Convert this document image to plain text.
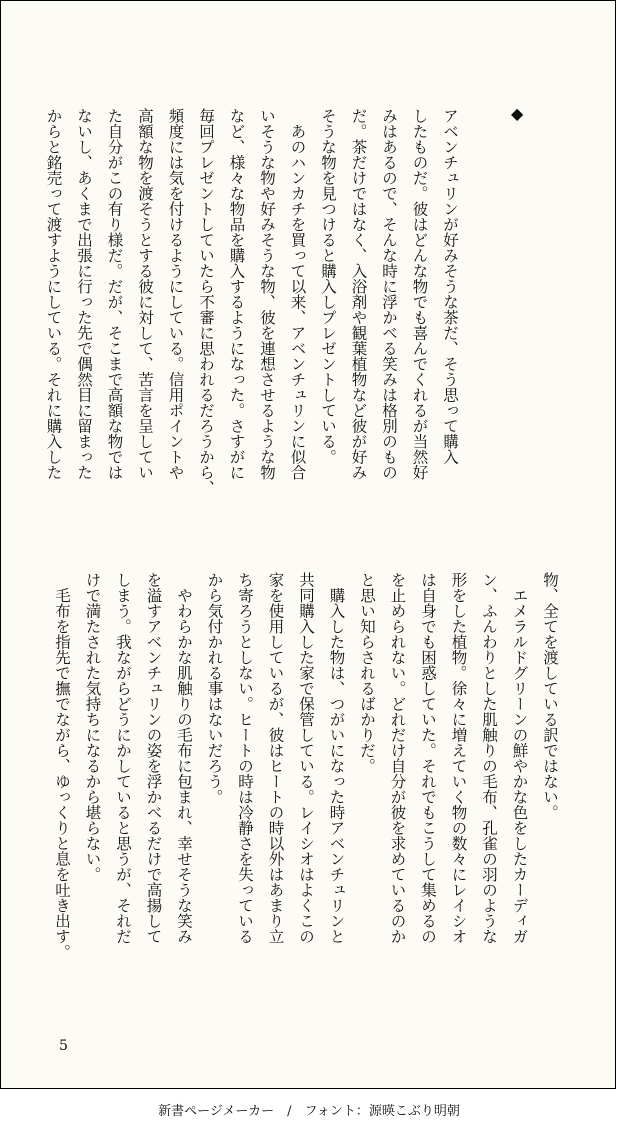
◆
アベンチュリンが好みそうな茶だ、そう思って購入
したものだ。彼はどんな物でも喜んでくれるが当然好
みはあるので、そんな時に浮かべる笑みは格別のもの
だ。茶だけではなく、入浴剤や観葉植物など彼が好み
そうな物を見つけると購入しプレゼントしている。
　あのハンカチを買って以来、アベンチュリンに似合
いそうな物や好みそうな物、彼を連想させるような物
など、様々な物品を購入するようになった。さすがに
毎回プレゼントしていたら不審に思われるだろうから、
頻度には気を付けるようにしている。信用ポイントや
高額な物を渡そうとする彼に対して、苦言を呈してい
た自分がこの有り様だ。だが、そこまで高額な物では
ないし、あくまで出張に行った先で偶然目に留まった
からと銘売って渡すようにしている。それに購入した
物、全てを渡している訳ではない。
　エメラルドグリーンの鮮やかな色をしたカーディガ
ン、ふんわりとした肌触りの毛布、孔雀の羽のような
形をした植物。徐々に増えていく物の数々にレイシオ
は自身でも困惑していた。それでもこうして集めるの
を止められない。どれだけ自分が彼を求めているのか
と思い知らされるばかりだ。
　購入した物は、つがいになった時アベンチュリンと
共同購入した家で保管している。レイシオはよくこの
家を使用しているが、彼はヒートの時以外はあまり立
ち寄ろうとしない。ヒートの時は冷静さを失っている
から気付かれる事はないだろう。
　やわらかな肌触りの毛布に包まれ、幸せそうな笑み
を溢すアベンチュリンの姿を浮かべるだけで高揚して
しまう。我ながらどうにかしていると思うが、それだ
けで満たされた気持ちになるから堪らない。
　毛布を指先で撫でながら、ゆっくりと息を吐き出す。
5
新書ページメーカー　/　フォント：源暎こぶり明朝
